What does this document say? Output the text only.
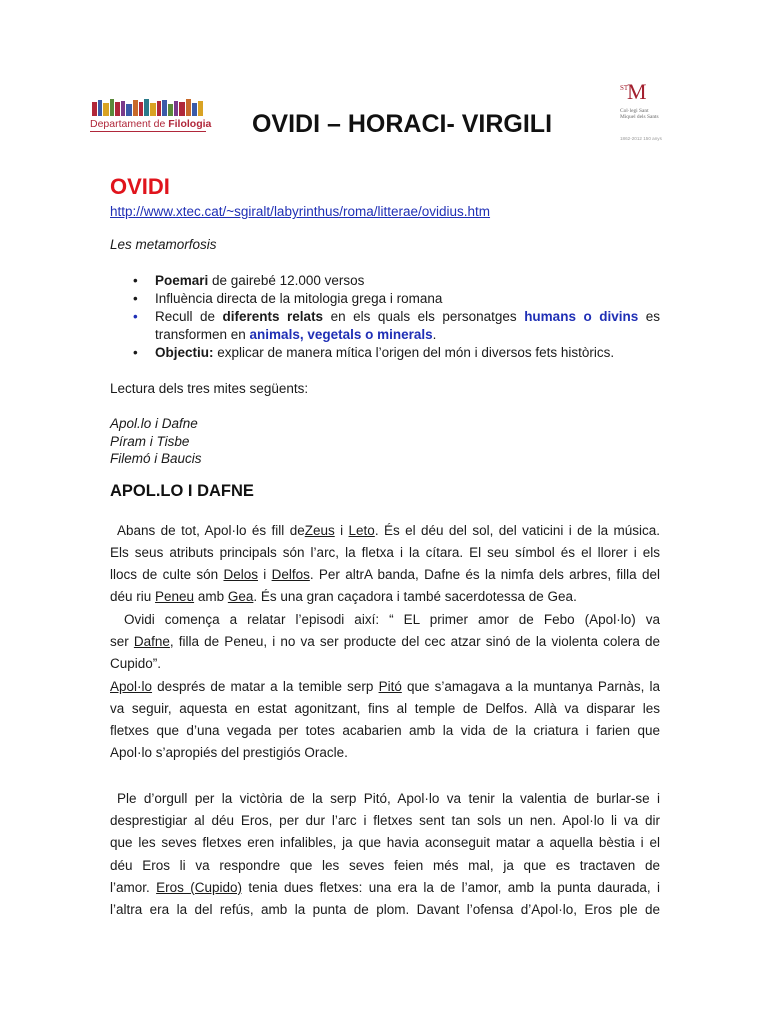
Departament de Filologia	OVIDI – HORACI- VIRGILI
ST
M
Col·legi Sant Miquel dels Sants
1862-2012 150 anys
OVIDI
http://www.xtec.cat/~sgiralt/labyrinthus/roma/litterae/ovidius.htm

Les metamorfosis

•	Poemari de gairebé 12.000 versos
•	Influència directa de la mitologia grega i romana
•	Recull de diferents relats en els quals els personatges humans o divins es transformen en animals, vegetals o minerals.
•	Objectiu: explicar de manera mítica l’origen del món i diversos fets històrics.

Lectura dels tres mites següents:

Apol.lo i Dafne
Píram i Tisbe
Filemó i Baucis
APOL.LO I DAFNE
Abans de tot, Apol·lo és fill deZeus i Leto. És el déu del sol, del vaticini i de la música.
Els seus atributs principals són l’arc, la fletxa i la cítara. El seu símbol és el llorer i els
llocs de culte són Delos i Delfos. Per altrA banda, Dafne és la nimfa dels arbres, filla del
déu riu Peneu amb Gea. És una gran caçadora i també sacerdotessa de Gea.
Ovidi comença a relatar l’episodi així: “ EL primer amor de Febo (Apol·lo) va
ser Dafne, filla de Peneu, i no va ser producte del cec atzar sinó de la violenta colera de
Cupido”.
Apol·lo després de matar a la temible serp Pitó que s’amagava a la muntanya Parnàs, la
va seguir, aquesta en estat agonitzant, fins al temple de Delfos. Allà va disparar les
fletxes que d’una vegada per totes acabarien amb la vida de la criatura i farien que
Apol·lo s’apropiés del prestigiós Oracle.
Ple d’orgull per la victòria de la serp Pitó, Apol·lo va tenir la valentia de burlar-se i
desprestigiar al déu Eros, per dur l’arc i fletxes sent tan sols un nen. Apol·lo li va dir
que les seves fletxes eren infalibles, ja que havia aconseguit matar a aquella bèstia i el
déu Eros li va respondre que les seves feien més mal, ja que es tractaven de
l’amor. Eros (Cupido) tenia dues fletxes: una era la de l’amor, amb la punta daurada, i
l’altra era la del refús, amb la punta de plom. Davant l’ofensa d’Apol·lo, Eros ple de
